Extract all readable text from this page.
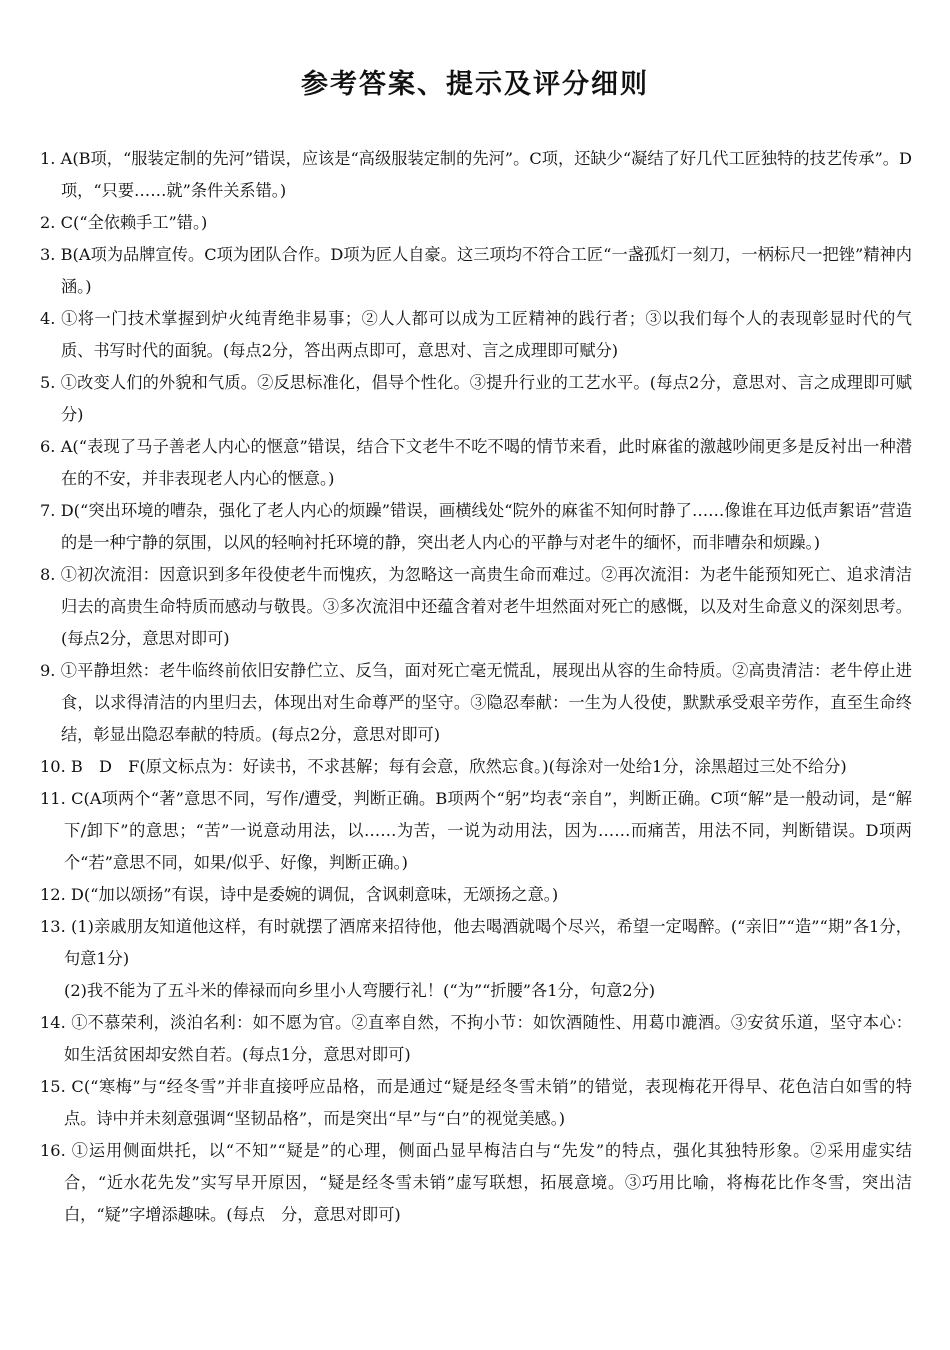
参考答案、提示及评分细则

1. A(B项，“服装定制的先河”错误，应该是“高级服装定制的先河”。C项，还缺少“凝结了好几代工匠独特的技艺传承”。D项，“只要……就”条件关系错。)

2. C(“全依赖手工”错。)

3. B(A项为品牌宣传。C项为团队合作。D项为匠人自豪。这三项均不符合工匠“一盏孤灯一刻刀，一柄标尺一把锉”精神内涵。)

4. ①将一门技术掌握到炉火纯青绝非易事；②人人都可以成为工匠精神的践行者；③以我们每个人的表现彰显时代的气质、书写时代的面貌。(每点2分，答出两点即可，意思对、言之成理即可赋分)

5. ①改变人们的外貌和气质。②反思标准化，倡导个性化。③提升行业的工艺水平。(每点2分，意思对、言之成理即可赋分)

6. A(“表现了马子善老人内心的惬意”错误，结合下文老牛不吃不喝的情节来看，此时麻雀的激越吵闹更多是反衬出一种潜在的不安，并非表现老人内心的惬意。)

7. D(“突出环境的嘈杂，强化了老人内心的烦躁”错误，画横线处“院外的麻雀不知何时静了……像谁在耳边低声絮语”营造的是一种宁静的氛围，以风的轻响衬托环境的静，突出老人内心的平静与对老牛的缅怀，而非嘈杂和烦躁。)

8. ①初次流泪：因意识到多年役使老牛而愧疚，为忽略这一高贵生命而难过。②再次流泪：为老牛能预知死亡、追求清洁归去的高贵生命特质而感动与敬畏。③多次流泪中还蕴含着对老牛坦然面对死亡的感慨，以及对生命意义的深刻思考。(每点2分，意思对即可)

9. ①平静坦然：老牛临终前依旧安静伫立、反刍，面对死亡毫无慌乱，展现出从容的生命特质。②高贵清洁：老牛停止进食，以求得清洁的内里归去，体现出对生命尊严的坚守。③隐忍奉献：一生为人役使，默默承受艰辛劳作，直至生命终结，彰显出隐忍奉献的特质。(每点2分，意思对即可)

10. B　D　F(原文标点为：好读书，不求甚解；每有会意，欣然忘食。)(每涂对一处给1分，涂黑超过三处不给分)

11. C(A项两个“著”意思不同，写作/遭受，判断正确。B项两个“躬”均表“亲自”，判断正确。C项“解”是一般动词，是“解下/卸下”的意思；“苦”一说意动用法，以……为苦，一说为动用法，因为……而痛苦，用法不同，判断错误。D项两个“若”意思不同，如果/似乎、好像，判断正确。)

12. D(“加以颂扬”有误，诗中是委婉的调侃，含讽刺意味，无颂扬之意。)

13. (1)亲戚朋友知道他这样，有时就摆了酒席来招待他，他去喝酒就喝个尽兴，希望一定喝醉。(“亲旧”“造”“期”各1分，句意1分)

(2)我不能为了五斗米的俸禄而向乡里小人弯腰行礼！(“为”“折腰”各1分，句意2分)

14. ①不慕荣利，淡泊名利：如不愿为官。②直率自然，不拘小节：如饮酒随性、用葛巾漉酒。③安贫乐道，坚守本心：如生活贫困却安然自若。(每点1分，意思对即可)

15. C(“寒梅”与“经冬雪”并非直接呼应品格，而是通过“疑是经冬雪未销”的错觉，表现梅花开得早、花色洁白如雪的特点。诗中并未刻意强调“坚韧品格”，而是突出“早”与“白”的视觉美感。)

16. ①运用侧面烘托，以“不知”“疑是”的心理，侧面凸显早梅洁白与“先发”的特点，强化其独特形象。②采用虚实结合，“近水花先发”实写早开原因，“疑是经冬雪未销”虚写联想，拓展意境。③巧用比喻，将梅花比作冬雪，突出洁白，“疑”字增添趣味。(每点　分，意思对即可)
